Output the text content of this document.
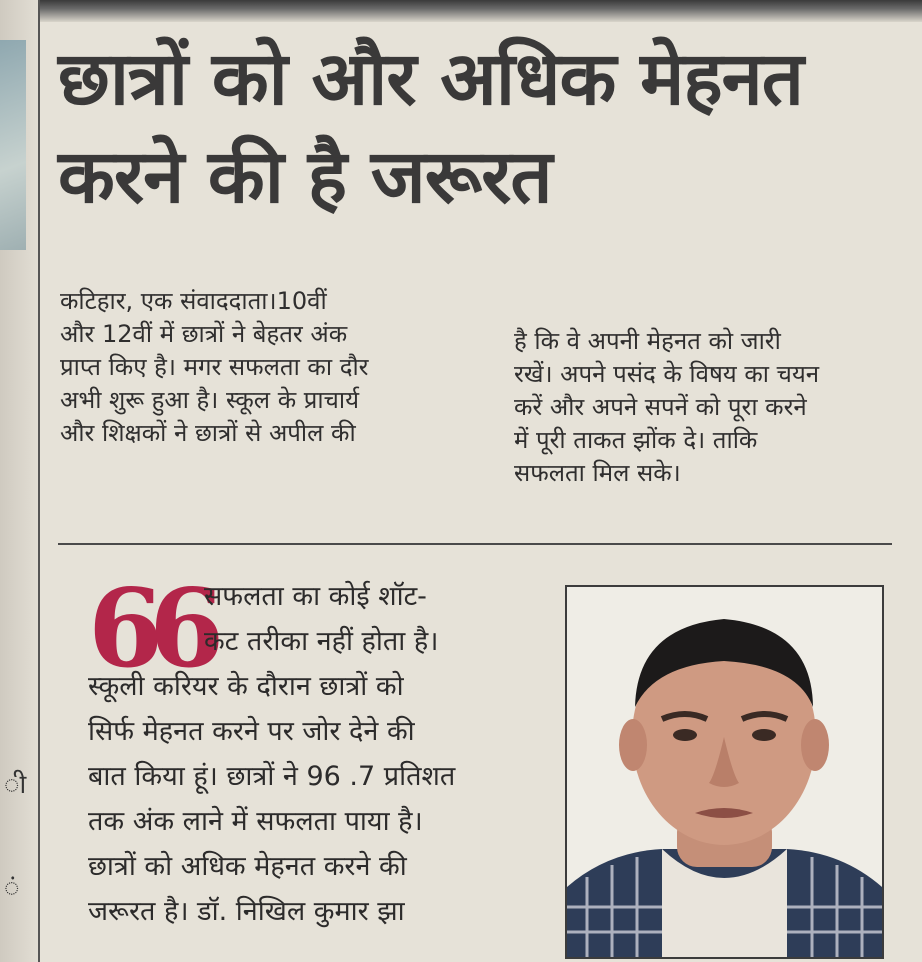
ी
ं
छात्रों को और अधिक मेहनत
करने की है जरूरत
कटिहार, एक संवाददाता।10वीं
और 12वीं में छात्रों ने बेहतर अंक
प्राप्त किए है। मगर सफलता का दौर
अभी शुरू हुआ है। स्कूल के प्राचार्य
और शिक्षकों ने छात्रों से अपील की
है कि वे अपनी मेहनत को जारी
रखें। अपने पसंद के विषय का चयन
करें और अपने सपनें को पूरा करने
में पूरी ताकत झोंक दे। ताकि
सफलता मिल सके।
66
सफलता का कोई शॉट-
कट तरीका नहीं होता है।
स्कूली करियर के दौरान छात्रों को
सिर्फ मेहनत करने पर जोर देने की
बात किया हूं। छात्रों ने 96 .7 प्रतिशत
तक अंक लाने में सफलता पाया है।
छात्रों को अधिक मेहनत करने की
जरूरत है। डॉ. निखिल कुमार झा
